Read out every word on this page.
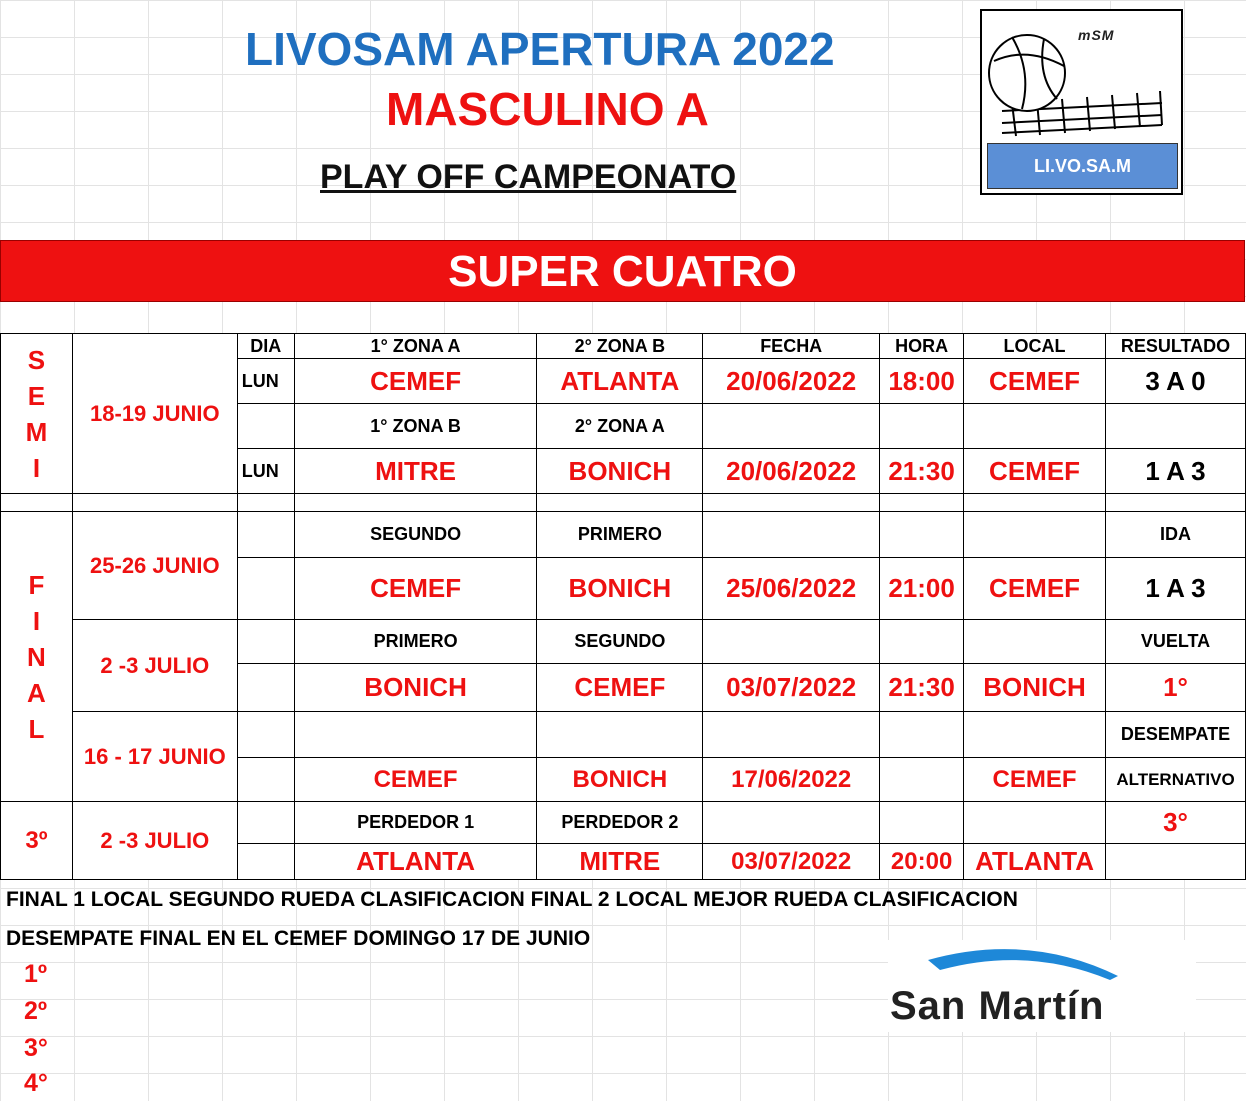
LIVOSAM APERTURA 2022
MASCULINO A
PLAY OFF CAMPEONATO
mSM
LI.VO.SA.M
SUPER CUATRO
S
E
M
I	18-19 JUNIO	DIA	1° ZONA A	2° ZONA B	FECHA	HORA	LOCAL	RESULTADO
		LUN	CEMEF	ATLANTA	20/06/2022	18:00	CEMEF	3 A 0
			1° ZONA B	2° ZONA A				
		LUN	MITRE	BONICH	20/06/2022	21:30	CEMEF	1 A 3

F
I
N
A
L	25-26 JUNIO		SEGUNDO	PRIMERO				IDA
			CEMEF	BONICH	25/06/2022	21:00	CEMEF	1 A 3
	2 -3 JULIO		PRIMERO	SEGUNDO				VUELTA
			BONICH	CEMEF	03/07/2022	21:30	BONICH	1°
	16 - 17 JUNIO							DESEMPATE
			CEMEF	BONICH	17/06/2022		CEMEF	ALTERNATIVO
3º	2 -3 JULIO		PERDEDOR 1	PERDEDOR 2				3°
			ATLANTA	MITRE	03/07/2022	20:00	ATLANTA	
FINAL 1 LOCAL SEGUNDO RUEDA CLASIFICACION FINAL 2 LOCAL MEJOR RUEDA CLASIFICACION
DESEMPATE FINAL EN EL CEMEF DOMINGO 17 DE JUNIO
1º
2º
3°
4°
San Martín
